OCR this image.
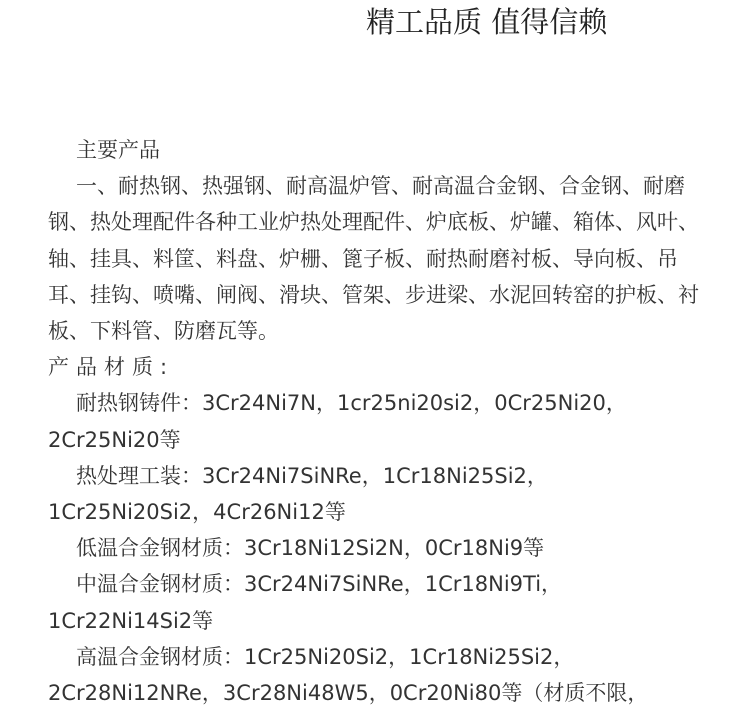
精工品质 值得信赖

主要产品

一、耐热钢、热强钢、耐高温炉管、耐高温合金钢、合金钢、耐磨钢、热处理配件各种工业炉热处理配件、炉底板、炉罐、箱体、风叶、轴、挂具、料筐、料盘、炉栅、篦子板、耐热耐磨衬板、导向板、吊耳、挂钩、喷嘴、闸阀、滑块、管架、步进梁、水泥回转窑的护板、衬板、下料管、防磨瓦等。

产品材质:

耐热钢铸件：3Cr24Ni7N，1cr25ni20si2，0Cr25Ni20，2Cr25Ni20等

热处理工装：3Cr24Ni7SiNRe，1Cr18Ni25Si2，1Cr25Ni20Si2，4Cr26Ni12等

低温合金钢材质：3Cr18Ni12Si2N，0Cr18Ni9等

中温合金钢材质：3Cr24Ni7SiNRe，1Cr18Ni9Ti，1Cr22Ni14Si2等

高温合金钢材质：1Cr25Ni20Si2，1Cr18Ni25Si2，2Cr28Ni12NRe，3Cr28Ni48W5，0Cr20Ni80等（材质不限，
